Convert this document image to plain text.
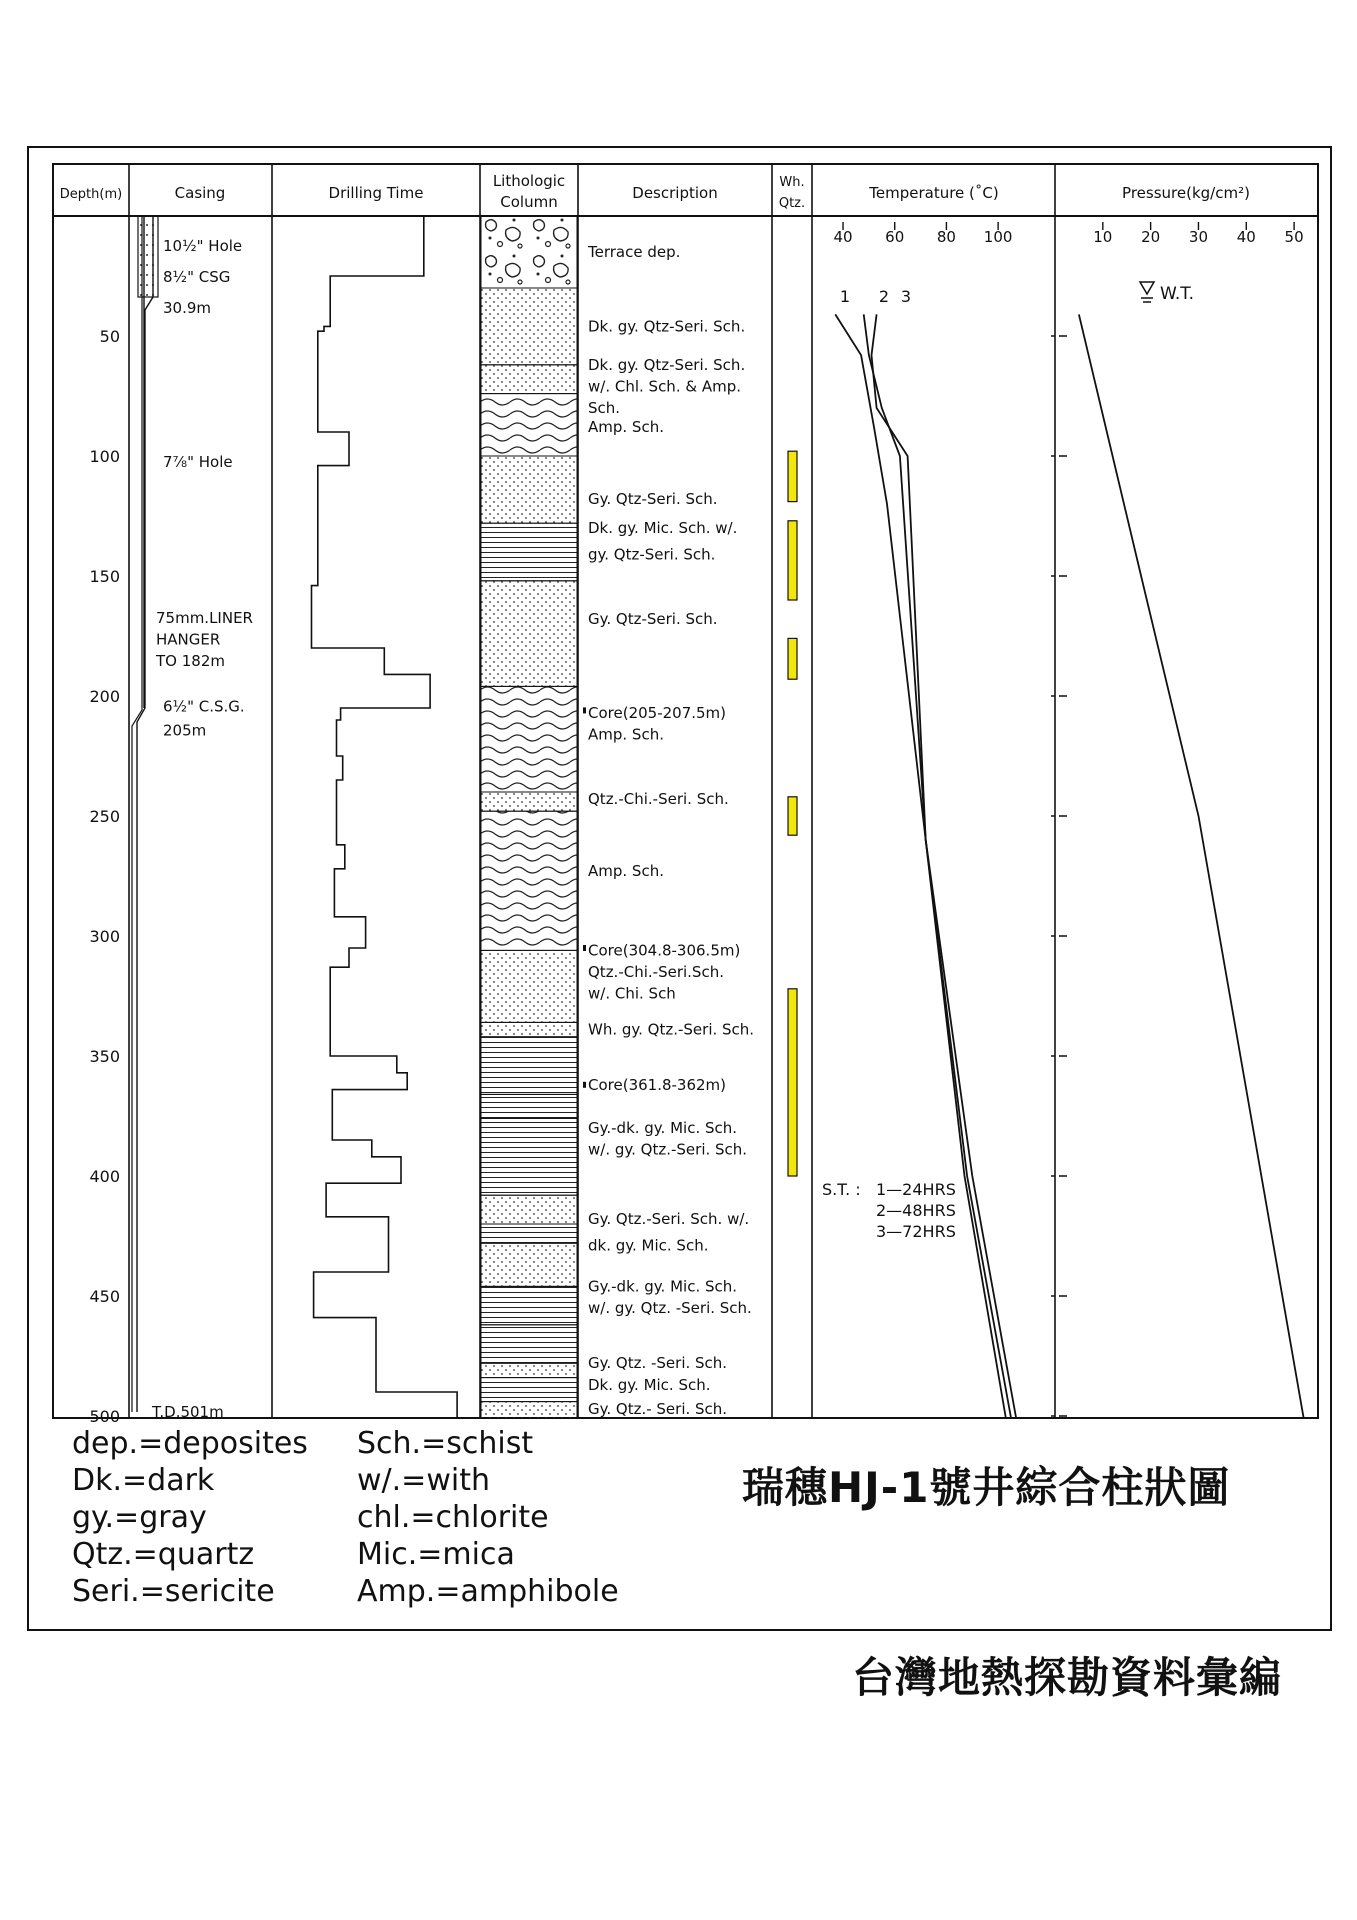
Depth(m)	Casing	Drilling Time
Lithologic
Column	Description
Wh.
Qtz.
Temperature (˚C)	Pressure(kg/cm²)
50
100
150
200
250
300
350
400
450
500
10½" Hole
8½" CSG
30.9m
7⅞" Hole
75mm.LINER
HANGER
TO 182m
6½" C.S.G.
205m
T.D.501m
Terrace dep.
Dk. gy. Qtz-Seri. Sch.
Dk. gy. Qtz-Seri. Sch.
w/. Chl. Sch. & Amp.
Sch.
Amp. Sch.
Gy. Qtz-Seri. Sch.
Dk. gy. Mic. Sch. w/.
gy. Qtz-Seri. Sch.
Gy. Qtz-Seri. Sch.
Core(205-207.5m)
Amp. Sch.
Qtz.-Chi.-Seri. Sch.
Amp. Sch.
Core(304.8-306.5m)
Qtz.-Chi.-Seri.Sch.
w/. Chi. Sch
Wh. gy. Qtz.-Seri. Sch.
Core(361.8-362m)
Gy.-dk. gy. Mic. Sch.
w/. gy. Qtz.-Seri. Sch.
Gy. Qtz.-Seri. Sch. w/.
dk. gy. Mic. Sch.
Gy.-dk. gy. Mic. Sch.
w/. gy. Qtz. -Seri. Sch.
Gy. Qtz. -Seri. Sch.
Dk. gy. Mic. Sch.
Gy. Qtz.- Seri. Sch.
40 60 80 100	10 20 30 40 50
W.T.
1 2 3
S.T. : 1—24HRS
2—48HRS
3—72HRS
dep.=deposites
Dk.=dark
gy.=gray
Qtz.=quartz
Seri.=sericite
Sch.=schist
w/.=with
chl.=chlorite
Mic.=mica
Amp.=amphibole
瑞穗HJ-1號井綜合柱狀圖
台灣地熱探勘資料彙編
